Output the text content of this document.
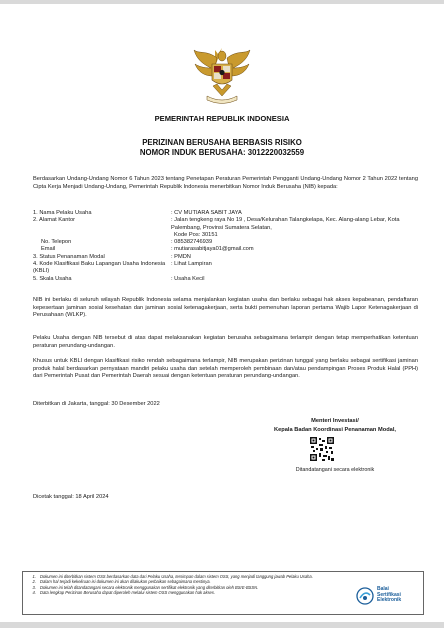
PEMERINTAH REPUBLIK INDONESIA
PERIZINAN BERUSAHA BERBASIS RISIKO
NOMOR INDUK BERUSAHA: 3012220032559
Berdasarkan Undang-Undang Nomor 6 Tahun 2023 tentang Penetapan Peraturan Pemerintah Pengganti Undang-Undang Nomor 2 Tahun 2022 tentang Cipta Kerja Menjadi Undang-Undang, Pemerintah Republik Indonesia menerbitkan Nomor Induk Berusaha (NIB) kepada:
1. Nama Pelaku Usaha	: CV MUTIARA SABIT JAYA
2. Alamat Kantor	: Jalan tengkeng raya No 19 , Desa/Kelurahan Talangkelapa, Kec. Alang-alang Lebar, Kota Palembang, Provinsi Sumatera Selatan,
Kode Pos: 30151
No. Telepon	: 085382746939
Email	: mutiarasabitjaya01@gmail.com
3. Status Penanaman Modal	: PMDN
4. Kode Klasifikasi Baku Lapangan Usaha Indonesia (KBLI)
: Lihat Lampiran
5. Skala Usaha	: Usaha Kecil
NIB ini berlaku di seluruh wilayah Republik Indonesia selama menjalankan kegiatan usaha dan berlaku sebagai hak akses kepabeanan, pendaftaran kepesertaan jaminan sosial kesehatan dan jaminan sosial ketenagakerjaan, serta bukti pemenuhan laporan pertama Wajib Lapor Ketenagakerjaan di Perusahaan (WLKP).
Pelaku Usaha dengan NIB tersebut di atas dapat melaksanakan kegiatan berusaha sebagaimana terlampir dengan tetap memperhatikan ketentuan peraturan perundang-undangan.
Khusus untuk KBLI dengan klasifikasi risiko rendah sebagaimana terlampir, NIB merupakan perizinan tunggal yang berlaku sebagai sertifikasi jaminan produk halal berdasarkan pernyataan mandiri pelaku usaha dan setelah memperoleh pembinaan dan/atau pendampingan Proses Produk Halal (PPH) dari Pemerintah Pusat dan Pemerintah Daerah sesuai dengan ketentuan peraturan perundang-undangan.
Diterbitkan di Jakarta, tanggal: 30 Desember 2022
Menteri Investasi/
Kepala Badan Koordinasi Penanaman Modal,
Ditandatangani secara elektronik
Dicetak tanggal: 18 April 2024
1. Dokumen ini diterbitkan sistem OSS berdasarkan data dari Pelaku Usaha, tersimpan dalam sistem OSS, yang menjadi tanggung jawab Pelaku Usaha.
2. Dalam hal terjadi kekeliruan isi dokumen ini akan dilakukan perbaikan sebagaimana mestinya.
3. Dokumen ini telah ditandatangani secara elektronik menggunakan sertifikat elektronik yang diterbitkan oleh BSrE-BSSN.
4. Data lengkap Perizinan Berusaha dapat diperoleh melalui sistem OSS menggunakan hak akses.
Balai
Sertifikasi
Elektronik
